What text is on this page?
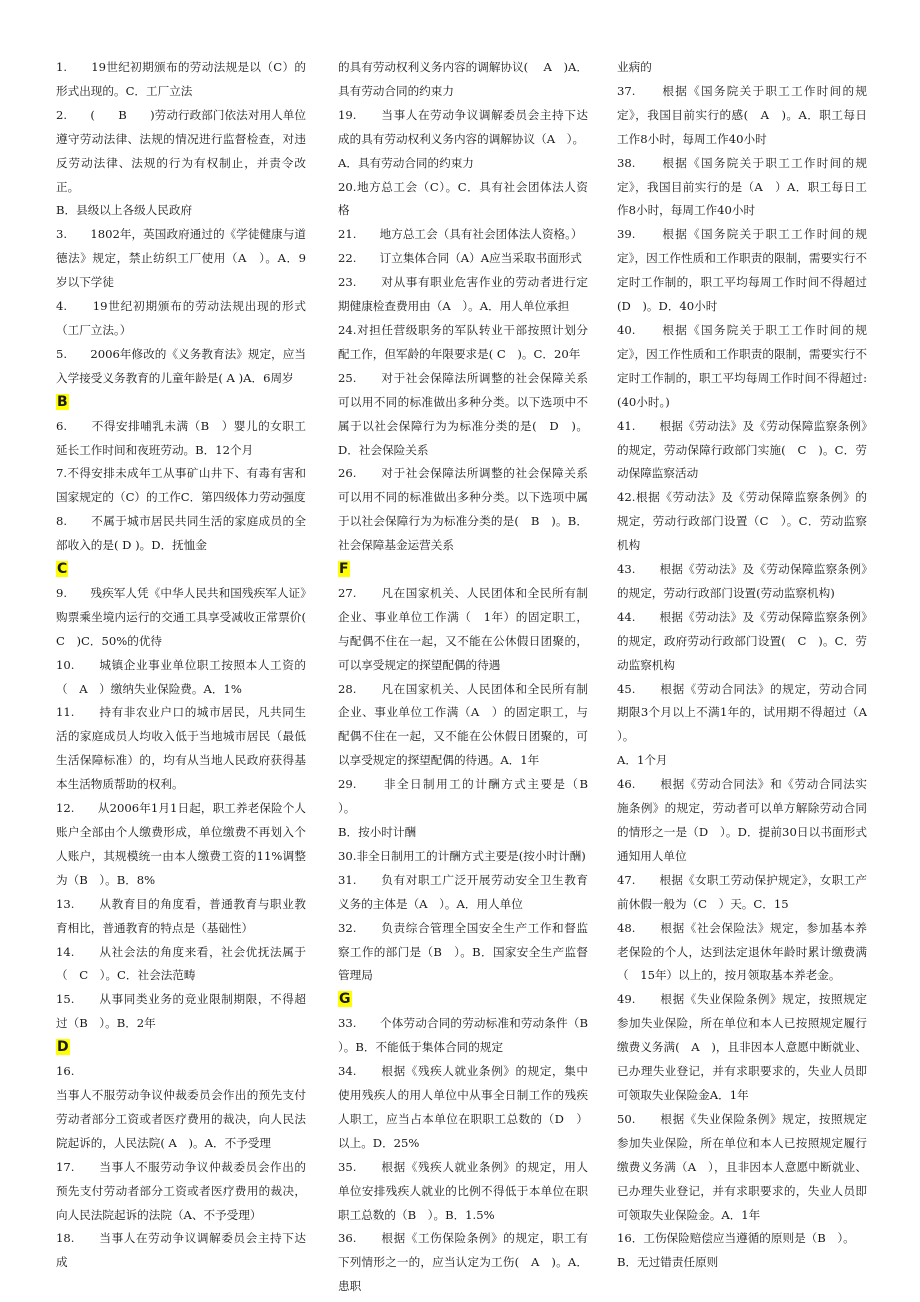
1.　　19世纪初期颁布的劳动法规是以（C）的形式出现的。C．工厂立法

2.　　(　　B　　)劳动行政部门依法对用人单位遵守劳动法律、法规的情况进行监督检查，对违反劳动法律、法规的行为有权制止，并责令改正。

B．县级以上各级人民政府

3.　　1802年，英国政府通过的《学徒健康与道德法》规定，禁止纺织工厂使用（A　）。A．9岁以下学徒

4.　　19世纪初期颁布的劳动法规出现的形式（工厂立法。）

5.　　2006年修改的《义务教育法》规定，应当入学接受义务教育的儿童年龄是( A )A．6周岁

B

6.　　不得安排哺乳未满（B　）婴儿的女职工延长工作时间和夜班劳动。B．12个月

7.不得安排未成年工从事矿山井下、有毒有害和国家规定的（C）的工作C．第四级体力劳动强度

8.　　不属于城市居民共同生活的家庭成员的全部收入的是( D )。D．抚恤金

C

9.　　残疾军人凭《中华人民共和国残疾军人证》购票乘坐境内运行的交通工具享受减收正常票价(　C　)C．50%的优待

10.　　城镇企业事业单位职工按照本人工资的（　A　）缴纳失业保险费。A．1%

11.　　持有非农业户口的城市居民，凡共同生活的家庭成员人均收入低于当地城市居民（最低生活保障标准）的，均有从当地人民政府获得基本生活物质帮助的权利。

12.　　从2006年1月1日起，职工养老保险个人账户全部由个人缴费形成，单位缴费不再划入个人账户，其规模统一由本人缴费工资的11%调整为（B　）。B．8%

13.　　从教育目的角度看，普通教育与职业教育相比，普通教育的特点是（基础性）

14.　　从社会法的角度来看，社会优抚法属于（　C　）。C．社会法范畴

15.　　从事同类业务的竞业限制期限，不得超过（B　）。B．2年

D

16.

当事人不服劳动争议仲裁委员会作出的预先支付劳动者部分工资或者医疗费用的裁决，向人民法院起诉的，人民法院( A　)。A．不予受理

17.　　当事人不服劳动争议仲裁委员会作出的预先支付劳动者部分工资或者医疗费用的裁决，向人民法院起诉的法院（A、不予受理）

18.　　当事人在劳动争议调解委员会主持下达成

的具有劳动权利义务内容的调解协议( 　A　)A．具有劳动合同的约束力

19.　　当事人在劳动争议调解委员会主持下达成的具有劳动权利义务内容的调解协议（A　）。

A．具有劳动合同的约束力

20.地方总工会（C）。C．具有社会团体法人资格

21.　　地方总工会（具有社会团体法人资格。）

22.　　订立集体合同（A）A应当采取书面形式

23.　　对从事有职业危害作业的劳动者进行定期健康检查费用由（A　）。A．用人单位承担

24.对担任营级职务的军队转业干部按照计划分配工作，但军龄的年限要求是( C　)。C．20年

25.　　对于社会保障法所调整的社会保障关系可以用不同的标准做出多种分类。以下选项中不属于以社会保障行为为标准分类的是(　D　)。D．社会保险关系

26.　　对于社会保障法所调整的社会保障关系可以用不同的标准做出多种分类。以下选项中属于以社会保障行为为标准分类的是(　B　)。B．社会保障基金运营关系

F

27.　　凡在国家机关、人民团体和全民所有制企业、事业单位工作满（　1年）的固定职工，与配偶不住在一起，又不能在公休假日团聚的，可以享受规定的探望配偶的待遇

28.　　凡在国家机关、人民团体和全民所有制企业、事业单位工作满（A　）的固定职工，与配偶不住在一起，又不能在公休假日团聚的，可以享受规定的探望配偶的待遇。A．1年

29.　　非全日制用工的计酬方式主要是（B　）。

B．按小时计酬

30.非全日制用工的计酬方式主要是(按小时计酬)

31.　　负有对职工广泛开展劳动安全卫生教育义务的主体是（A　）。A．用人单位

32.　　负责综合管理全国安全生产工作和督监察工作的部门是（B　）。B．国家安全生产监督管理局

G

33.　　个体劳动合同的劳动标准和劳动条件（B　）。B．不能低于集体合同的规定

34.　　根据《残疾人就业条例》的规定，集中使用残疾人的用人单位中从事全日制工作的残疾人职工，应当占本单位在职职工总数的（D　）以上。D．25%

35.　　根据《残疾人就业条例》的规定，用人单位安排残疾人就业的比例不得低于本单位在职职工总数的（B　）。B．1.5%

36.　　根据《工伤保险条例》的规定，职工有下列情形之一的，应当认定为工伤(　A　)。A．患职

业病的

37.　　根据《国务院关于职工工作时间的规定》，我国目前实行的感(　A　)。A．职工每日工作8小时，每周工作40小时

38.　　根据《国务院关于职工工作时间的规定》，我国目前实行的是（A　）A．职工每日工作8小时，每周工作40小时

39.　　根据《国务院关于职工工作时间的规定》，因工作性质和工作职责的限制，需要实行不定时工作制的，职工平均每周工作时间不得超过(D　)。D．40小时

40.　　根据《国务院关于职工工作时间的规定》，因工作性质和工作职责的限制，需要实行不定时工作制的，职工平均每周工作时间不得超过:(40小时。)

41.　　根据《劳动法》及《劳动保障监察条例》的规定，劳动保障行政部门实施(　C　)。C．劳动保障监察活动

42.根据《劳动法》及《劳动保障监察条例》的规定，劳动行政部门设置（C　）。C．劳动监察机构

43.　　根据《劳动法》及《劳动保障监察条例》的规定，劳动行政部门设置(劳动监察机构)

44.　　根据《劳动法》及《劳动保障监察条例》的规定，政府劳动行政部门设置(　C　)。C．劳动监察机构

45.　　根据《劳动合同法》的规定，劳动合同期限3个月以上不满1年的，试用期不得超过（A　）。

A．1个月

46.　　根据《劳动合同法》和《劳动合同法实施条例》的规定，劳动者可以单方解除劳动合同的情形之一是（D　）。D．提前30日以书面形式通知用人单位

47.　　根据《女职工劳动保护规定》，女职工产前休假一般为（C　）天。C．15

48.　　根据《社会保险法》规定，参加基本养老保险的个人，达到法定退休年龄时累计缴费满（　15年）以上的，按月领取基本养老金。

49.　　根据《失业保险条例》规定，按照规定参加失业保险，所在单位和本人已按照规定履行缴费义务满(　A　)，且非因本人意愿中断就业、已办理失业登记，并有求职要求的，失业人员即可领取失业保险金A．1年

50.　　根据《失业保险条例》规定，按照规定参加失业保险，所在单位和本人已按照规定履行缴费义务满（A　），且非因本人意愿中断就业、已办理失业登记，并有求职要求的，失业人员即可领取失业保险金。A．1年

16．工伤保险赔偿应当遵循的原则是（B　）。

B．无过错责任原则
